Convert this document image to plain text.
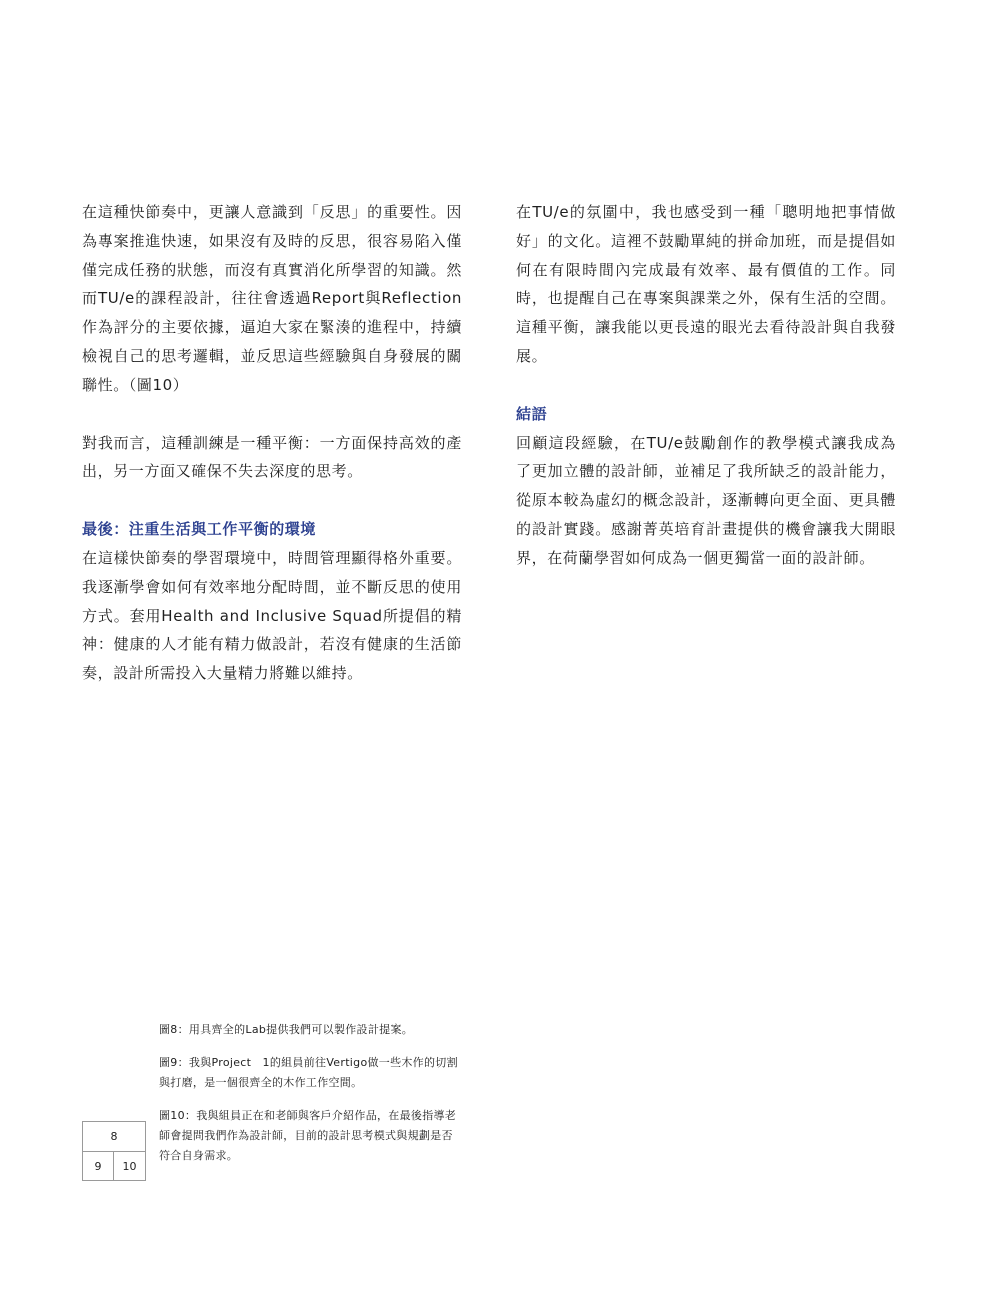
在這種快節奏中，更讓人意識到「反思」的重要性。因為專案推進快速，如果沒有及時的反思，很容易陷入僅僅完成任務的狀態，而沒有真實消化所學習的知識。然而TU/e的課程設計，往往會透過Report與Reflection作為評分的主要依據，逼迫大家在緊湊的進程中，持續檢視自己的思考邏輯，並反思這些經驗與自身發展的關聯性。（圖10）

對我而言，這種訓練是一種平衡：一方面保持高效的產出，另一方面又確保不失去深度的思考。

最後：注重生活與工作平衡的環境

在這樣快節奏的學習環境中，時間管理顯得格外重要。我逐漸學會如何有效率地分配時間，並不斷反思的使用方式。套用Health and Inclusive Squad所提倡的精神：健康的人才能有精力做設計，若沒有健康的生活節奏，設計所需投入大量精力將難以維持。

在TU/e的氛圍中，我也感受到一種「聰明地把事情做好」的文化。這裡不鼓勵單純的拼命加班，而是提倡如何在有限時間內完成最有效率、最有價值的工作。同時，也提醒自己在專案與課業之外，保有生活的空間。這種平衡，讓我能以更長遠的眼光去看待設計與自我發展。

結語

回顧這段經驗，在TU/e鼓勵創作的教學模式讓我成為了更加立體的設計師，並補足了我所缺乏的設計能力，從原本較為虛幻的概念設計，逐漸轉向更全面、更具體的設計實踐。感謝菁英培育計畫提供的機會讓我大開眼界，在荷蘭學習如何成為一個更獨當一面的設計師。

圖8：用具齊全的Lab提供我們可以製作設計提案。

圖9：我與Project　1的組員前往Vertigo做一些木作的切割與打磨，是一個很齊全的木作工作空間。

圖10：我與組員正在和老師與客戶介紹作品，在最後指導老師會提問我們作為設計師，目前的設計思考模式與規劃是否符合自身需求。

8
9	10
